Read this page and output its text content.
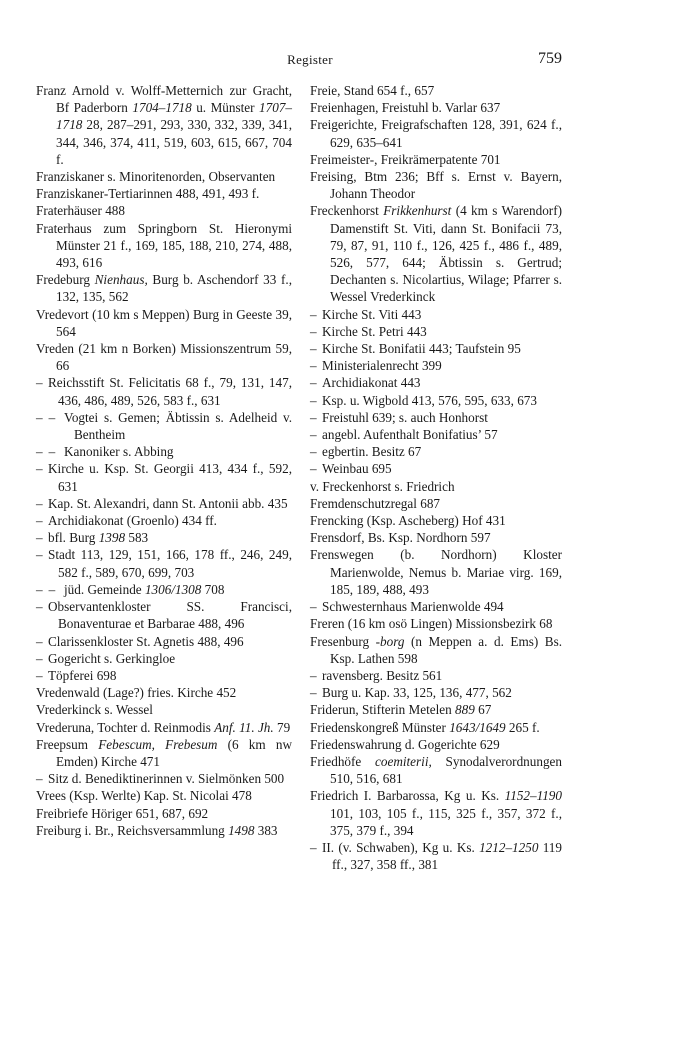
Register	759

Franz Arnold v. Wolff-Metternich zur Gracht, Bf Paderborn 1704–1718 u. Münster 1707–1718 28, 287–291, 293, 330, 332, 339, 341, 344, 346, 374, 411, 519, 603, 615, 667, 704 f.

Franziskaner s. Minoritenorden, Observanten

Franziskaner-Tertiarinnen 488, 491, 493 f.

Fraterhäuser 488

Fraterhaus zum Springborn St. Hieronymi Münster 21 f., 169, 185, 188, 210, 274, 488, 493, 616

Fredeburg Nienhaus, Burg b. Aschendorf 33 f., 132, 135, 562

Vredevort (10 km s Meppen) Burg in Geeste 39, 564

Vreden (21 km n Borken) Missionszentrum 59, 66

– Reichsstift St. Felicitatis 68 f., 79, 131, 147, 436, 486, 489, 526, 583 f., 631

–– Vogtei s. Gemen; Äbtissin s. Adelheid v. Bentheim

–– Kanoniker s. Abbing

– Kirche u. Ksp. St. Georgii 413, 434 f., 592, 631

– Kap. St. Alexandri, dann St. Antonii abb. 435

– Archidiakonat (Groenlo) 434 ff.

– bfl. Burg 1398 583

– Stadt 113, 129, 151, 166, 178 ff., 246, 249, 582 f., 589, 670, 699, 703

–– jüd. Gemeinde 1306/1308 708

– Observantenkloster SS. Francisci, Bonaventurae et Barbarae 488, 496

– Clarissenkloster St. Agnetis 488, 496

– Gogericht s. Gerkingloe

– Töpferei 698

Vredenwald (Lage?) fries. Kirche 452

Vrederkinck s. Wessel

Vrederuna, Tochter d. Reinmodis Anf. 11. Jh. 79

Freepsum Febescum, Frebesum (6 km nw Emden) Kirche 471

– Sitz d. Benediktinerinnen v. Sielmönken 500

Vrees (Ksp. Werlte) Kap. St. Nicolai 478

Freibriefe Höriger 651, 687, 692

Freiburg i. Br., Reichsversammlung 1498 383

Freie, Stand 654 f., 657

Freienhagen, Freistuhl b. Varlar 637

Freigerichte, Freigrafschaften 128, 391, 624 f., 629, 635–641

Freimeister-, Freikrämerpatente 701

Freising, Btm 236; Bff s. Ernst v. Bayern, Johann Theodor

Freckenhorst Frikkenhurst (4 km s Warendorf) Damenstift St. Viti, dann St. Bonifacii 73, 79, 87, 91, 110 f., 126, 425 f., 486 f., 489, 526, 577, 644; Äbtissin s. Gertrud; Dechanten s. Nicolartius, Wilage; Pfarrer s. Wessel Vrederkinck

– Kirche St. Viti 443

– Kirche St. Petri 443

– Kirche St. Bonifatii 443; Taufstein 95

– Ministerialenrecht 399

– Archidiakonat 443

– Ksp. u. Wigbold 413, 576, 595, 633, 673

– Freistuhl 639; s. auch Honhorst

– angebl. Aufenthalt Bonifatius’ 57

– egbertin. Besitz 67

– Weinbau 695

v. Freckenhorst s. Friedrich

Fremdenschutzregal 687

Frencking (Ksp. Ascheberg) Hof 431

Frensdorf, Bs. Ksp. Nordhorn 597

Frenswegen (b. Nordhorn) Kloster Marienwolde, Nemus b. Mariae virg. 169, 185, 189, 488, 493

– Schwesternhaus Marienwolde 494

Freren (16 km osö Lingen) Missionsbezirk 68

Fresenburg -borg (n Meppen a. d. Ems) Bs. Ksp. Lathen 598

– ravensberg. Besitz 561

– Burg u. Kap. 33, 125, 136, 477, 562

Friderun, Stifterin Metelen 889 67

Friedenskongreß Münster 1643/1649 265 f.

Friedenswahrung d. Gogerichte 629

Friedhöfe coemiterii, Synodalverordnungen 510, 516, 681

Friedrich I. Barbarossa, Kg u. Ks. 1152–1190 101, 103, 105 f., 115, 325 f., 357, 372 f., 375, 379 f., 394

– II. (v. Schwaben), Kg u. Ks. 1212–1250 119 ff., 327, 358 ff., 381
